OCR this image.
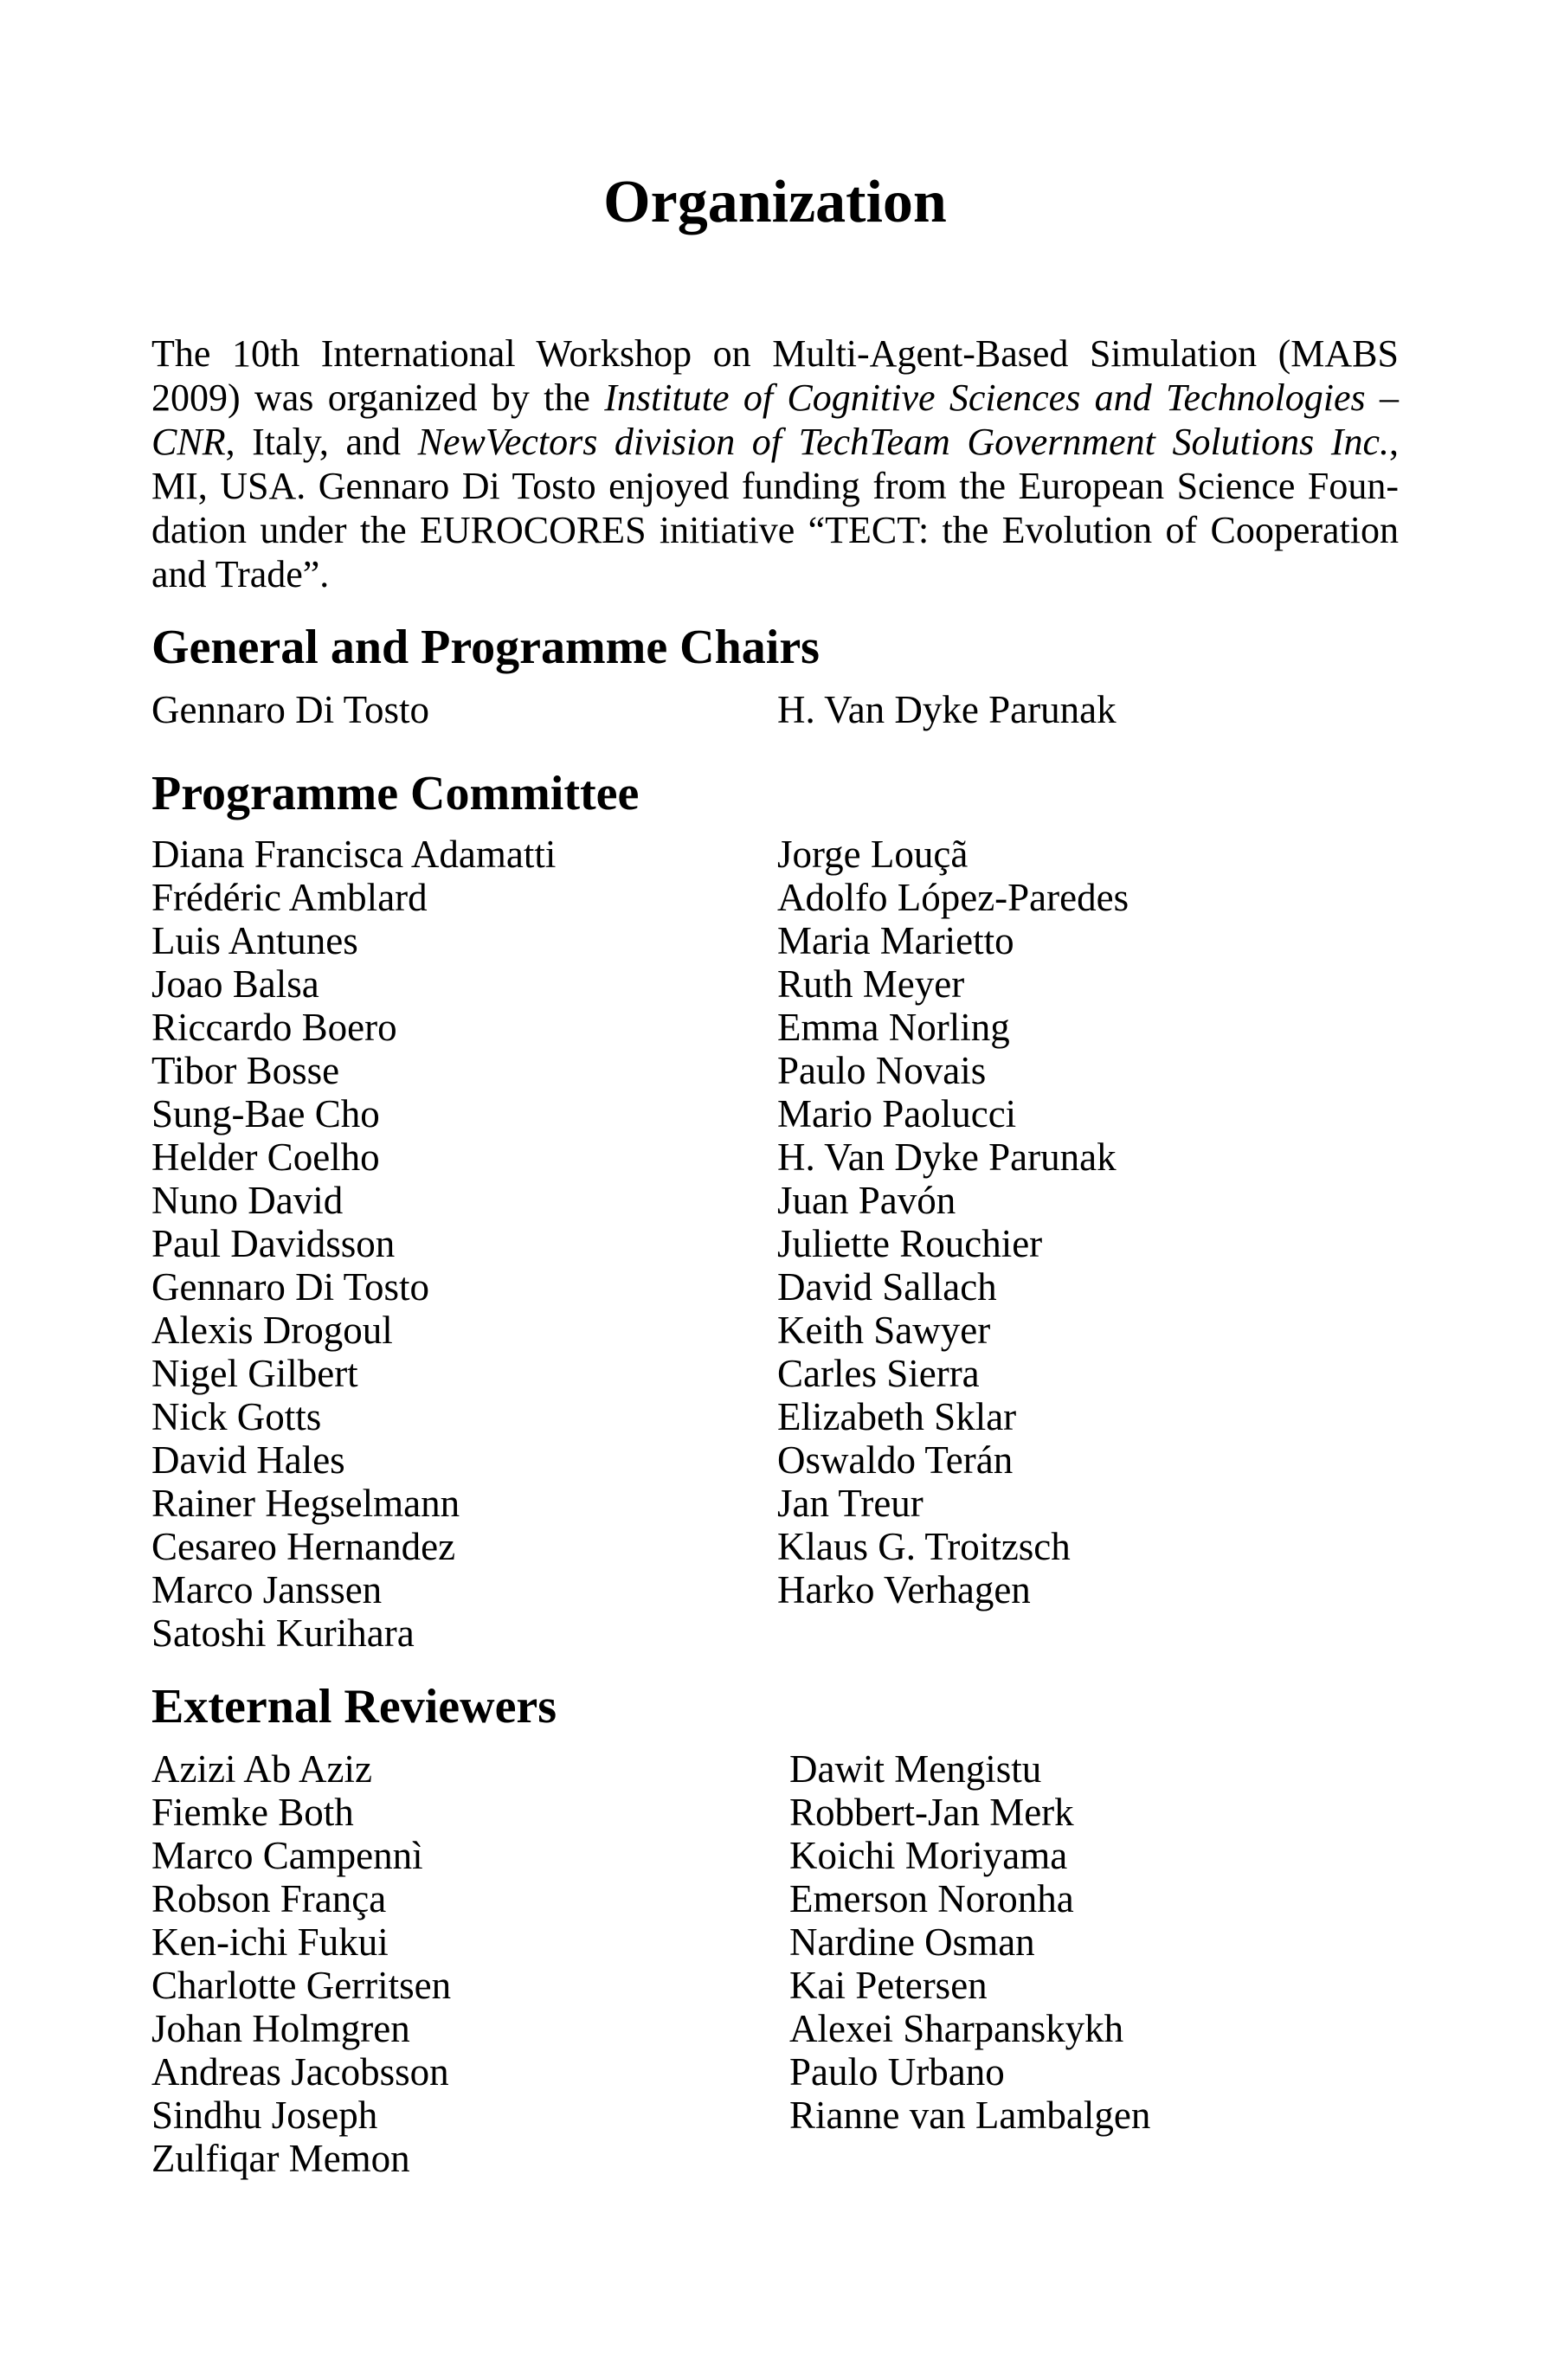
Organization
The 10th International Workshop on Multi-Agent-Based Simulation (MABS
2009) was organized by the Institute of Cognitive Sciences and Technologies –
CNR, Italy, and NewVectors division of TechTeam Government Solutions Inc.,
MI, USA. Gennaro Di Tosto enjoyed funding from the European Science Foun-
dation under the EUROCORES initiative “TECT: the Evolution of Cooperation
and Trade”.
General and Programme Chairs
Gennaro Di Tosto	H. Van Dyke Parunak
Programme Committee
Diana Francisca Adamatti
Frédéric Amblard
Luis Antunes
Joao Balsa
Riccardo Boero
Tibor Bosse
Sung-Bae Cho
Helder Coelho
Nuno David
Paul Davidsson
Gennaro Di Tosto
Alexis Drogoul
Nigel Gilbert
Nick Gotts
David Hales
Rainer Hegselmann
Cesareo Hernandez
Marco Janssen
Satoshi Kurihara
Jorge Louçã
Adolfo López-Paredes
Maria Marietto
Ruth Meyer
Emma Norling
Paulo Novais
Mario Paolucci
H. Van Dyke Parunak
Juan Pavón
Juliette Rouchier
David Sallach
Keith Sawyer
Carles Sierra
Elizabeth Sklar
Oswaldo Terán
Jan Treur
Klaus G. Troitzsch
Harko Verhagen
External Reviewers
Azizi Ab Aziz
Fiemke Both
Marco Campennì
Robson França
Ken-ichi Fukui
Charlotte Gerritsen
Johan Holmgren
Andreas Jacobsson
Sindhu Joseph
Zulfiqar Memon
Dawit Mengistu
Robbert-Jan Merk
Koichi Moriyama
Emerson Noronha
Nardine Osman
Kai Petersen
Alexei Sharpanskykh
Paulo Urbano
Rianne van Lambalgen
